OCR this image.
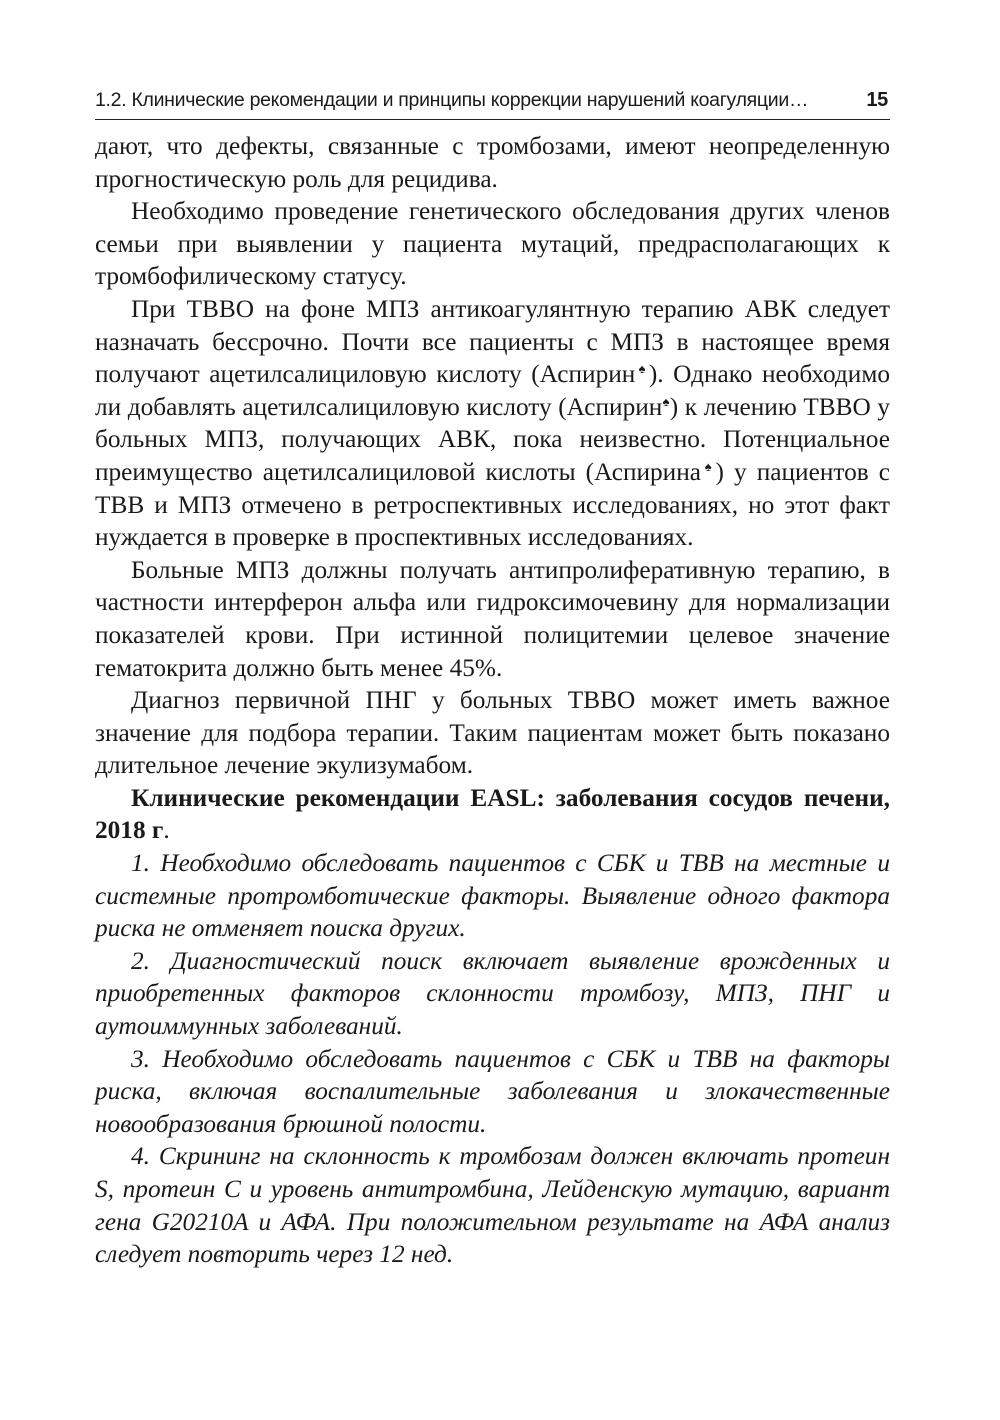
1.2. Клинические рекомендации и принципы коррекции нарушений коагуляции…	15

дают, что дефекты, связанные с тромбозами, имеют неопределенную прогностическую роль для рецидива.

Необходимо проведение генетического обследования других членов семьи при выявлении у пациента мутаций, предрасполагающих к тромбофилическому статусу.

При ТВВО на фоне МПЗ антикоагулянтную терапию АВК следует назначать бессрочно. Почти все пациенты с МПЗ в настоящее время получают ацетилсалициловую кислоту (Аспирин♠). Однако необходимо ли добавлять ацетилсалициловую кислоту (Аспирин♠) к лечению ТВВО у больных МПЗ, получающих АВК, пока неизвестно. Потенциальное преимущество ацетилсалициловой кислоты (Аспирина♠) у пациентов с ТВВ и МПЗ отмечено в ретроспективных исследованиях, но этот факт нуждается в проверке в проспективных исследованиях.

Больные МПЗ должны получать антипролиферативную терапию, в частности интерферон альфа или гидроксимочевину для нормализации показателей крови. При истинной полицитемии целевое значение гематокрита должно быть менее 45%.

Диагноз первичной ПНГ у больных ТВВО может иметь важное значение для подбора терапии. Таким пациентам может быть показано длительное лечение экулизумабом.

Клинические рекомендации EASL: заболевания сосудов печени, 2018 г.

1. Необходимо обследовать пациентов с СБК и ТВВ на местные и системные протромботические факторы. Выявление одного фактора риска не отменяет поиска других.

2. Диагностический поиск включает выявление врожденных и приобретенных факторов склонности тромбозу, МПЗ, ПНГ и аутоиммунных заболеваний.

3. Необходимо обследовать пациентов с СБК и ТВВ на факторы риска, включая воспалительные заболевания и злокачественные новообразования брюшной полости.

4. Скрининг на склонность к тромбозам должен включать протеин S, протеин C и уровень антитромбина, Лейденскую мутацию, вариант гена G20210A и АФА. При положительном результате на АФА анализ следует повторить через 12 нед.
